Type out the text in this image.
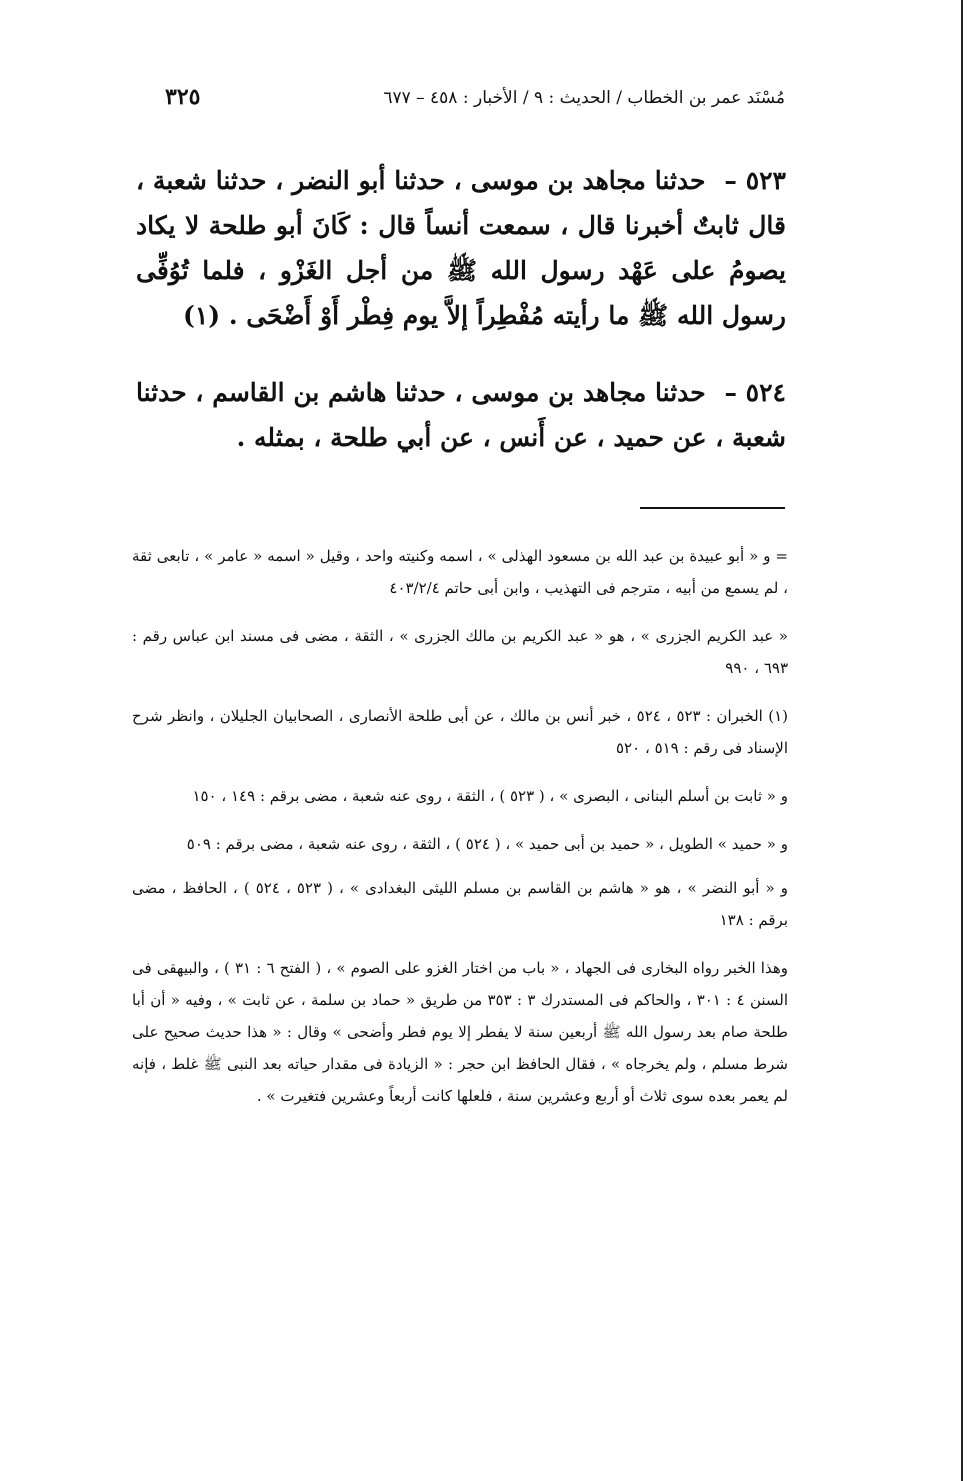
مُسْنَد عمر بن الخطاب / الحديث : ٩ / الأخبار : ٤٥٨ – ٦٧٧
٣٢٥
٥٢٣ – حدثنا مجاهد بن موسى ، حدثنا أبو النضر ، حدثنا شعبة ، قال ثابتٌ أخبرنا قال ، سمعت أنساً قال : كَانَ أبو طلحة لا يكاد يصومُ على عَهْد رسول الله ﷺ من أجل الغَزْو ، فلما تُوُفِّى رسول الله ﷺ ما رأيته مُفْطِراً إلاَّ يوم فِطْر أَوْ أَضْحَى . (١)
٥٢٤ – حدثنا مجاهد بن موسى ، حدثنا هاشم بن القاسم ، حدثنا شعبة ، عن حميد ، عن أَنس ، عن أبي طلحة ، بمثله .

= و « أبو عبيدة بن عبد الله بن مسعود الهذلى » ، اسمه وكنيته واحد ، وقيل « اسمه « عامر » ، تابعى ثقة ، لم يسمع من أبيه ، مترجم فى التهذيب ، وابن أبى حاتم ٤٠٣/٢/٤

« عبد الكريم الجزرى » ، هو « عبد الكريم بن مالك الجزرى » ، الثقة ، مضى فى مسند ابن عباس رقم : ٦٩٣ ، ٩٩٠

(١) الخبران : ٥٢٣ ، ٥٢٤ ، خبر أنس بن مالك ، عن أبى طلحة الأنصارى ، الصحابيان الجليلان ، وانظر شرح الإسناد فى رقم : ٥١٩ ، ٥٢٠

و « ثابت بن أسلم البنانى ، البصرى » ، ( ٥٢٣ ) ، الثقة ، روى عنه شعبة ، مضى برقم : ١٤٩ ، ١٥٠

و « حميد » الطويل ، « حميد بن أبى حميد » ، ( ٥٢٤ ) ، الثقة ، روى عنه شعبة ، مضى برقم : ٥٠٩

و « أبو النضر » ، هو « هاشم بن القاسم بن مسلم الليثى البغدادى » ، ( ٥٢٣ ، ٥٢٤ ) ، الحافظ ، مضى برقم : ١٣٨

وهذا الخبر رواه البخارى فى الجهاد ، « باب من اختار الغزو على الصوم » ، ( الفتح ٦ : ٣١ ) ، والبيهقى فى السنن ٤ : ٣٠١ ، والحاكم فى المستدرك ٣ : ٣٥٣ من طريق « حماد بن سلمة ، عن ثابت » ، وفيه « أن أبا طلحة صام بعد رسول الله ﷺ أربعين سنة لا يفطر إلا يوم فطر وأضحى » وقال : « هذا حديث صحيح على شرط مسلم ، ولم يخرجاه » ، فقال الحافظ ابن حجر : « الزيادة فى مقدار حياته بعد النبى ﷺ غلط ، فإنه لم يعمر بعده سوى ثلاث أو أربع وعشرين سنة ، فلعلها كانت أربعاً وعشرين فتغيرت » .
